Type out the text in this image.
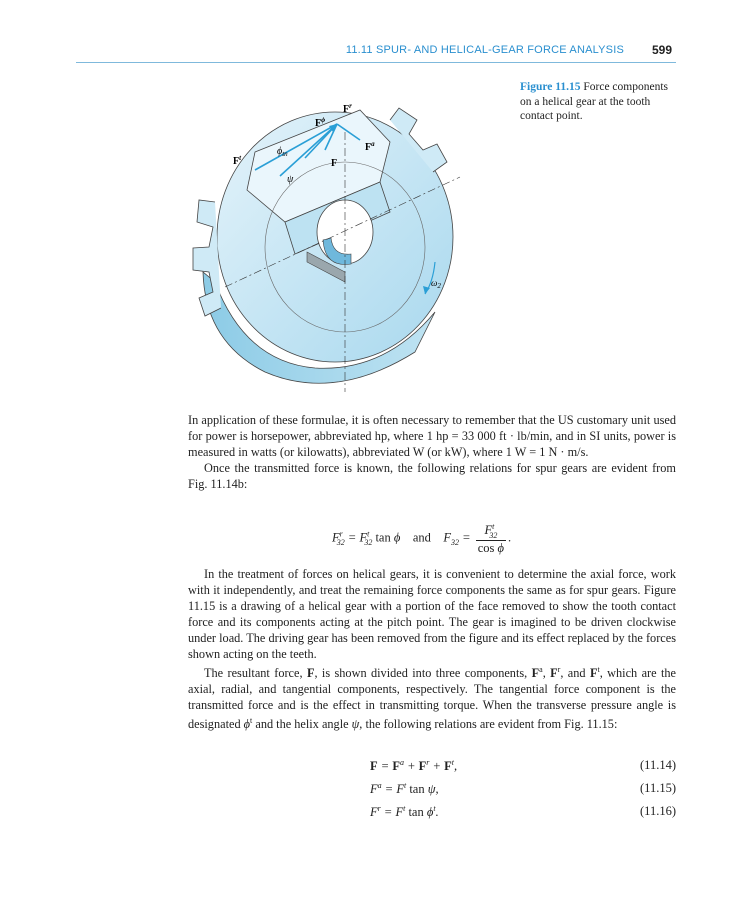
11.11 SPUR- AND HELICAL-GEAR FORCE ANALYSIS 599
$F^r$
$F^\phi$
$F^a$
$F^t$	F
$\phi_{tn}$
ψ
$\omega_2$
Figure 11.15 Force components on a helical gear at the tooth contact point.

In application of these formulae, it is often necessary to remember that the US customary unit used for power is horsepower, abbreviated hp, where 1 hp = 33 000 ft · lb/min, and in SI units, power is measured in watts (or kilowatts), abbreviated W (or kW), where 1 W = 1 N · m/s.

Once the transmitted force is known, the following relations for spur gears are evident from Fig. 11.14b:

$F^r_{32} = F^t_{32}$ tan ϕ    and    $F_{32} = \frac{F^t_{32}}{\text{cos ϕ}}$ .

In the treatment of forces on helical gears, it is convenient to determine the axial force, work with it independently, and treat the remaining force components the same as for spur gears. Figure 11.15 is a drawing of a helical gear with a portion of the face removed to show the tooth contact force and its components acting at the pitch point. The gear is imagined to be driven clockwise under load. The driving gear has been removed from the figure and its effect replaced by the forces shown acting on the teeth.

The resultant force, F, is shown divided into three components, $F^a$, $F^r$, and $F^t$, which are the axial, radial, and tangential components, respectively. The tangential force component is the transmitted force and is the effect in transmitting torque. When the transverse pressure angle is designated $\phi^t$ and the helix angle ψ, the following relations are evident from Fig. 11.15:

$F = F^a + F^r + F^t$,	(11.14)
$F^a = F^t$ tan ψ,	(11.15)
$F^r = F^t$ $\tan \phi^t$.	(11.16)
